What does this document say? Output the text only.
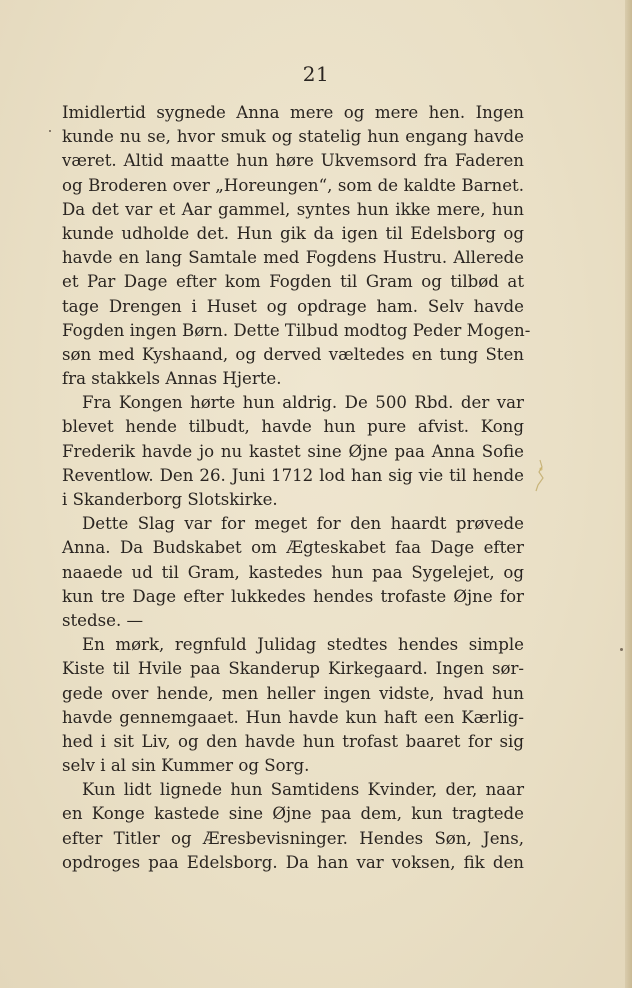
21
Imidlertid sygnede Anna mere og mere hen. Ingen
kunde nu se, hvor smuk og statelig hun engang havde
været. Altid maatte hun høre Ukvemsord fra Faderen
og Broderen over „Horeungen“, som de kaldte Barnet.
Da det var et Aar gammel, syntes hun ikke mere, hun
kunde udholde det. Hun gik da igen til Edelsborg og
havde en lang Samtale med Fogdens Hustru. Allerede
et Par Dage efter kom Fogden til Gram og tilbød at
tage Drengen i Huset og opdrage ham. Selv havde
Fogden ingen Børn. Dette Tilbud modtog Peder Mogen-
søn med Kyshaand, og derved væltedes en tung Sten
fra stakkels Annas Hjerte.
Fra Kongen hørte hun aldrig. De 500 Rbd. der var
blevet hende tilbudt, havde hun pure afvist. Kong
Frederik havde jo nu kastet sine Øjne paa Anna Sofie
Reventlow. Den 26. Juni 1712 lod han sig vie til hende
i Skanderborg Slotskirke.
Dette Slag var for meget for den haardt prøvede
Anna. Da Budskabet om Ægteskabet faa Dage efter
naaede ud til Gram, kastedes hun paa Sygelejet, og
kun tre Dage efter lukkedes hendes trofaste Øjne for
stedse. —
En mørk, regnfuld Julidag stedtes hendes simple
Kiste til Hvile paa Skanderup Kirkegaard. Ingen sør-
gede over hende, men heller ingen vidste, hvad hun
havde gennemgaaet. Hun havde kun haft een Kærlig-
hed i sit Liv, og den havde hun trofast baaret for sig
selv i al sin Kummer og Sorg.
Kun lidt lignede hun Samtidens Kvinder, der, naar
en Konge kastede sine Øjne paa dem, kun tragtede
efter Titler og Æresbevisninger. Hendes Søn, Jens,
opdroges paa Edelsborg. Da han var voksen, fik den
